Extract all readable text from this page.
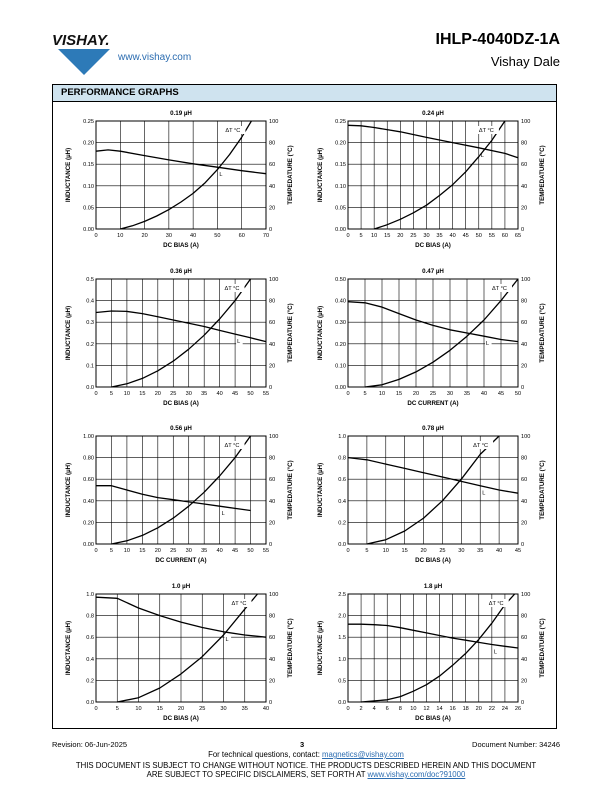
VISHAY.
www.vishay.com
IHLP-4040DZ-1A
Vishay Dale
PERFORMANCE GRAPHS
0	10	20	30	40	50	60	70
0.00
0.05
0.10
0.15
0.20
0.25
0
20
40
60
80
100
0.19 µH
DC BIAS (A)
INDUCTANCE (µH)	TEMPEDATURE (°C)
L
ΔT °C
0 5 10 15 20 25 30 35 40 45 50 55 60 65
0.00
0.05
0.10
0.15
0.20
0.25
0
20
40
60
80
100
0.24 µH
DC BIAS (A)
INDUCTANCE (µH)	TEMPEDATURE (°C)
L
ΔT °C
0 5 10 15 20 25 30 35 40 45 50 55
0.0
0.1
0.2
0.3
0.4
0.5
0
20
40
60
80
100
0.36 µH
DC BIAS (A)
INDUCTANCE (µH)	TEMPEDATURE (°C)
L
ΔT °C
0 5 10 15 20 25 30 35 40 45 50
0.00
0.10
0.20
0.30
0.40
0.50
0
20
40
60
80
100
0.47 µH
DC CURRENT (A)
INDUCTANCE (µH)	TEMPEDATURE (°C)
L
ΔT °C
0 5 10 15 20 25 30 35 40 45 50 55
0.00
0.20
0.40
0.60
0.80
1.00
0
20
40
60
80
100
0.56 µH
DC CURRENT (A)
INDUCTANCE (µH)	TEMPEDATURE (°C)
L
ΔT °C
0	5	10 15 20 25 30 35 40 45
0.0
0.2
0.4
0.6
0.8
1.0
0
20
40
60
80
100
0.78 µH
DC BIAS (A)
INDUCTANCE (µH)	TEMPEDATURE (°C)
L
ΔT °C
0	5	10	15	20	25	30	35	40
0.0
0.2
0.4
0.6
0.8
1.0
0
20
40
60
80
100
1.0 µH
DC BIAS (A)
INDUCTANCE (µH)	TEMPEDATURE (°C)
L
ΔT °C
0 2 4 6 8 10 12 14 16 18 20 22 24 26
0.0
0.5
1.0
1.5
2.0
2.5
0
20
40
60
80
100
1.8 µH
DC BIAS (A)
INDUCTANCE (µH)	TEMPEDATURE (°C)
L
ΔT °C
Revision: 06-Jun-2025	3	Document Number: 34246
For technical questions, contact: magnetics@vishay.com
THIS DOCUMENT IS SUBJECT TO CHANGE WITHOUT NOTICE. THE PRODUCTS DESCRIBED HEREIN AND THIS DOCUMENT
ARE SUBJECT TO SPECIFIC DISCLAIMERS, SET FORTH AT www.vishay.com/doc?91000
